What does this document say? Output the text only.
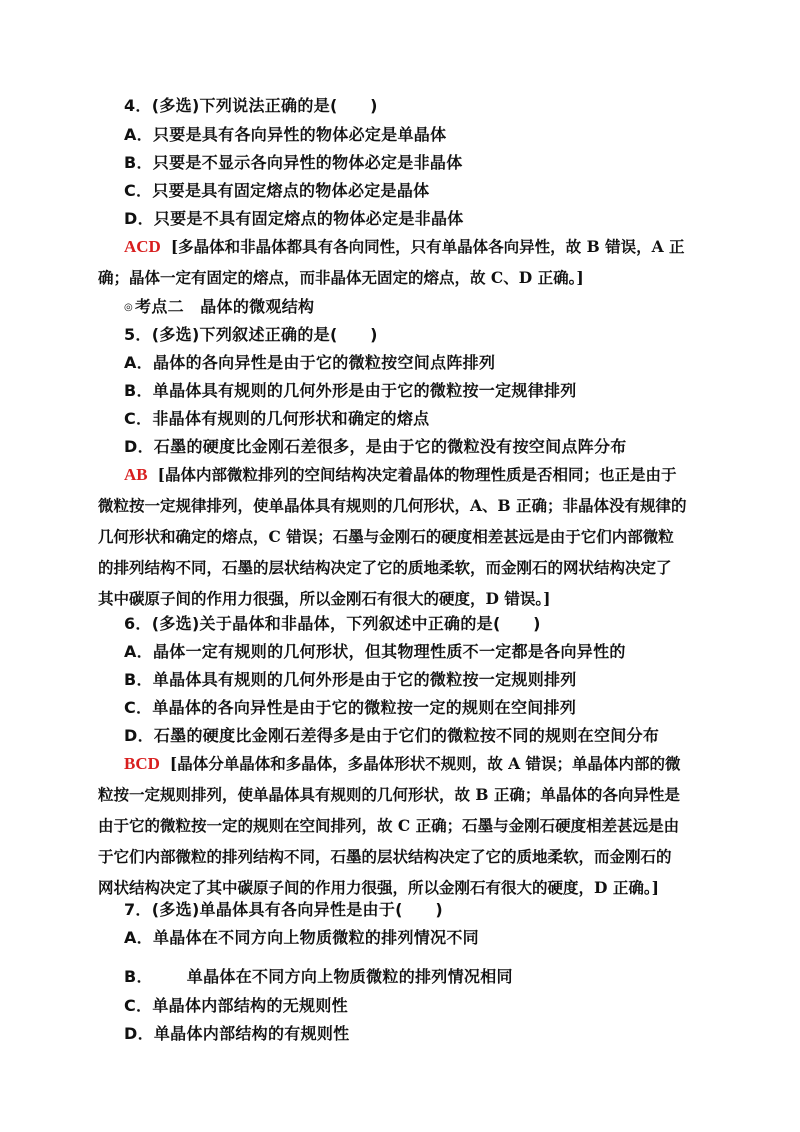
4．(多选)下列说法正确的是(　　)
A．只要是具有各向异性的物体必定是单晶体
B．只要是不显示各向异性的物体必定是非晶体
C．只要是具有固定熔点的物体必定是晶体
D．只要是不具有固定熔点的物体必定是非晶体
ACD [多晶体和非晶体都具有各向同性，只有单晶体各向异性，故 B 错误，A 正
确；晶体一定有固定的熔点，而非晶体无固定的熔点，故 C、D 正确。]
◎ 考点二　晶体的微观结构
5．(多选)下列叙述正确的是(　　)
A．晶体的各向异性是由于它的微粒按空间点阵排列
B．单晶体具有规则的几何外形是由于它的微粒按一定规律排列
C．非晶体有规则的几何形状和确定的熔点
D．石墨的硬度比金刚石差很多，是由于它的微粒没有按空间点阵分布
AB [晶体内部微粒排列的空间结构决定着晶体的物理性质是否相同；也正是由于
微粒按一定规律排列，使单晶体具有规则的几何形状，A、B 正确；非晶体没有规律的
几何形状和确定的熔点，C 错误；石墨与金刚石的硬度相差甚远是由于它们内部微粒
的排列结构不同，石墨的层状结构决定了它的质地柔软，而金刚石的网状结构决定了
其中碳原子间的作用力很强，所以金刚石有很大的硬度，D 错误。]
6．(多选)关于晶体和非晶体，下列叙述中正确的是(　　)
A．晶体一定有规则的几何形状，但其物理性质不一定都是各向异性的
B．单晶体具有规则的几何外形是由于它的微粒按一定规则排列
C．单晶体的各向异性是由于它的微粒按一定的规则在空间排列
D．石墨的硬度比金刚石差得多是由于它们的微粒按不同的规则在空间分布
BCD [晶体分单晶体和多晶体，多晶体形状不规则，故 A 错误；单晶体内部的微
粒按一定规则排列，使单晶体具有规则的几何形状，故 B 正确；单晶体的各向异性是
由于它的微粒按一定的规则在空间排列，故 C 正确；石墨与金刚石硬度相差甚远是由
于它们内部微粒的排列结构不同，石墨的层状结构决定了它的质地柔软，而金刚石的
网状结构决定了其中碳原子间的作用力很强，所以金刚石有很大的硬度，D 正确。]
7．(多选)单晶体具有各向异性是由于(　　)
A．单晶体在不同方向上物质微粒的排列情况不同
B． 单晶体在不同方向上物质微粒的排列情况相同
C．单晶体内部结构的无规则性
D．单晶体内部结构的有规则性
